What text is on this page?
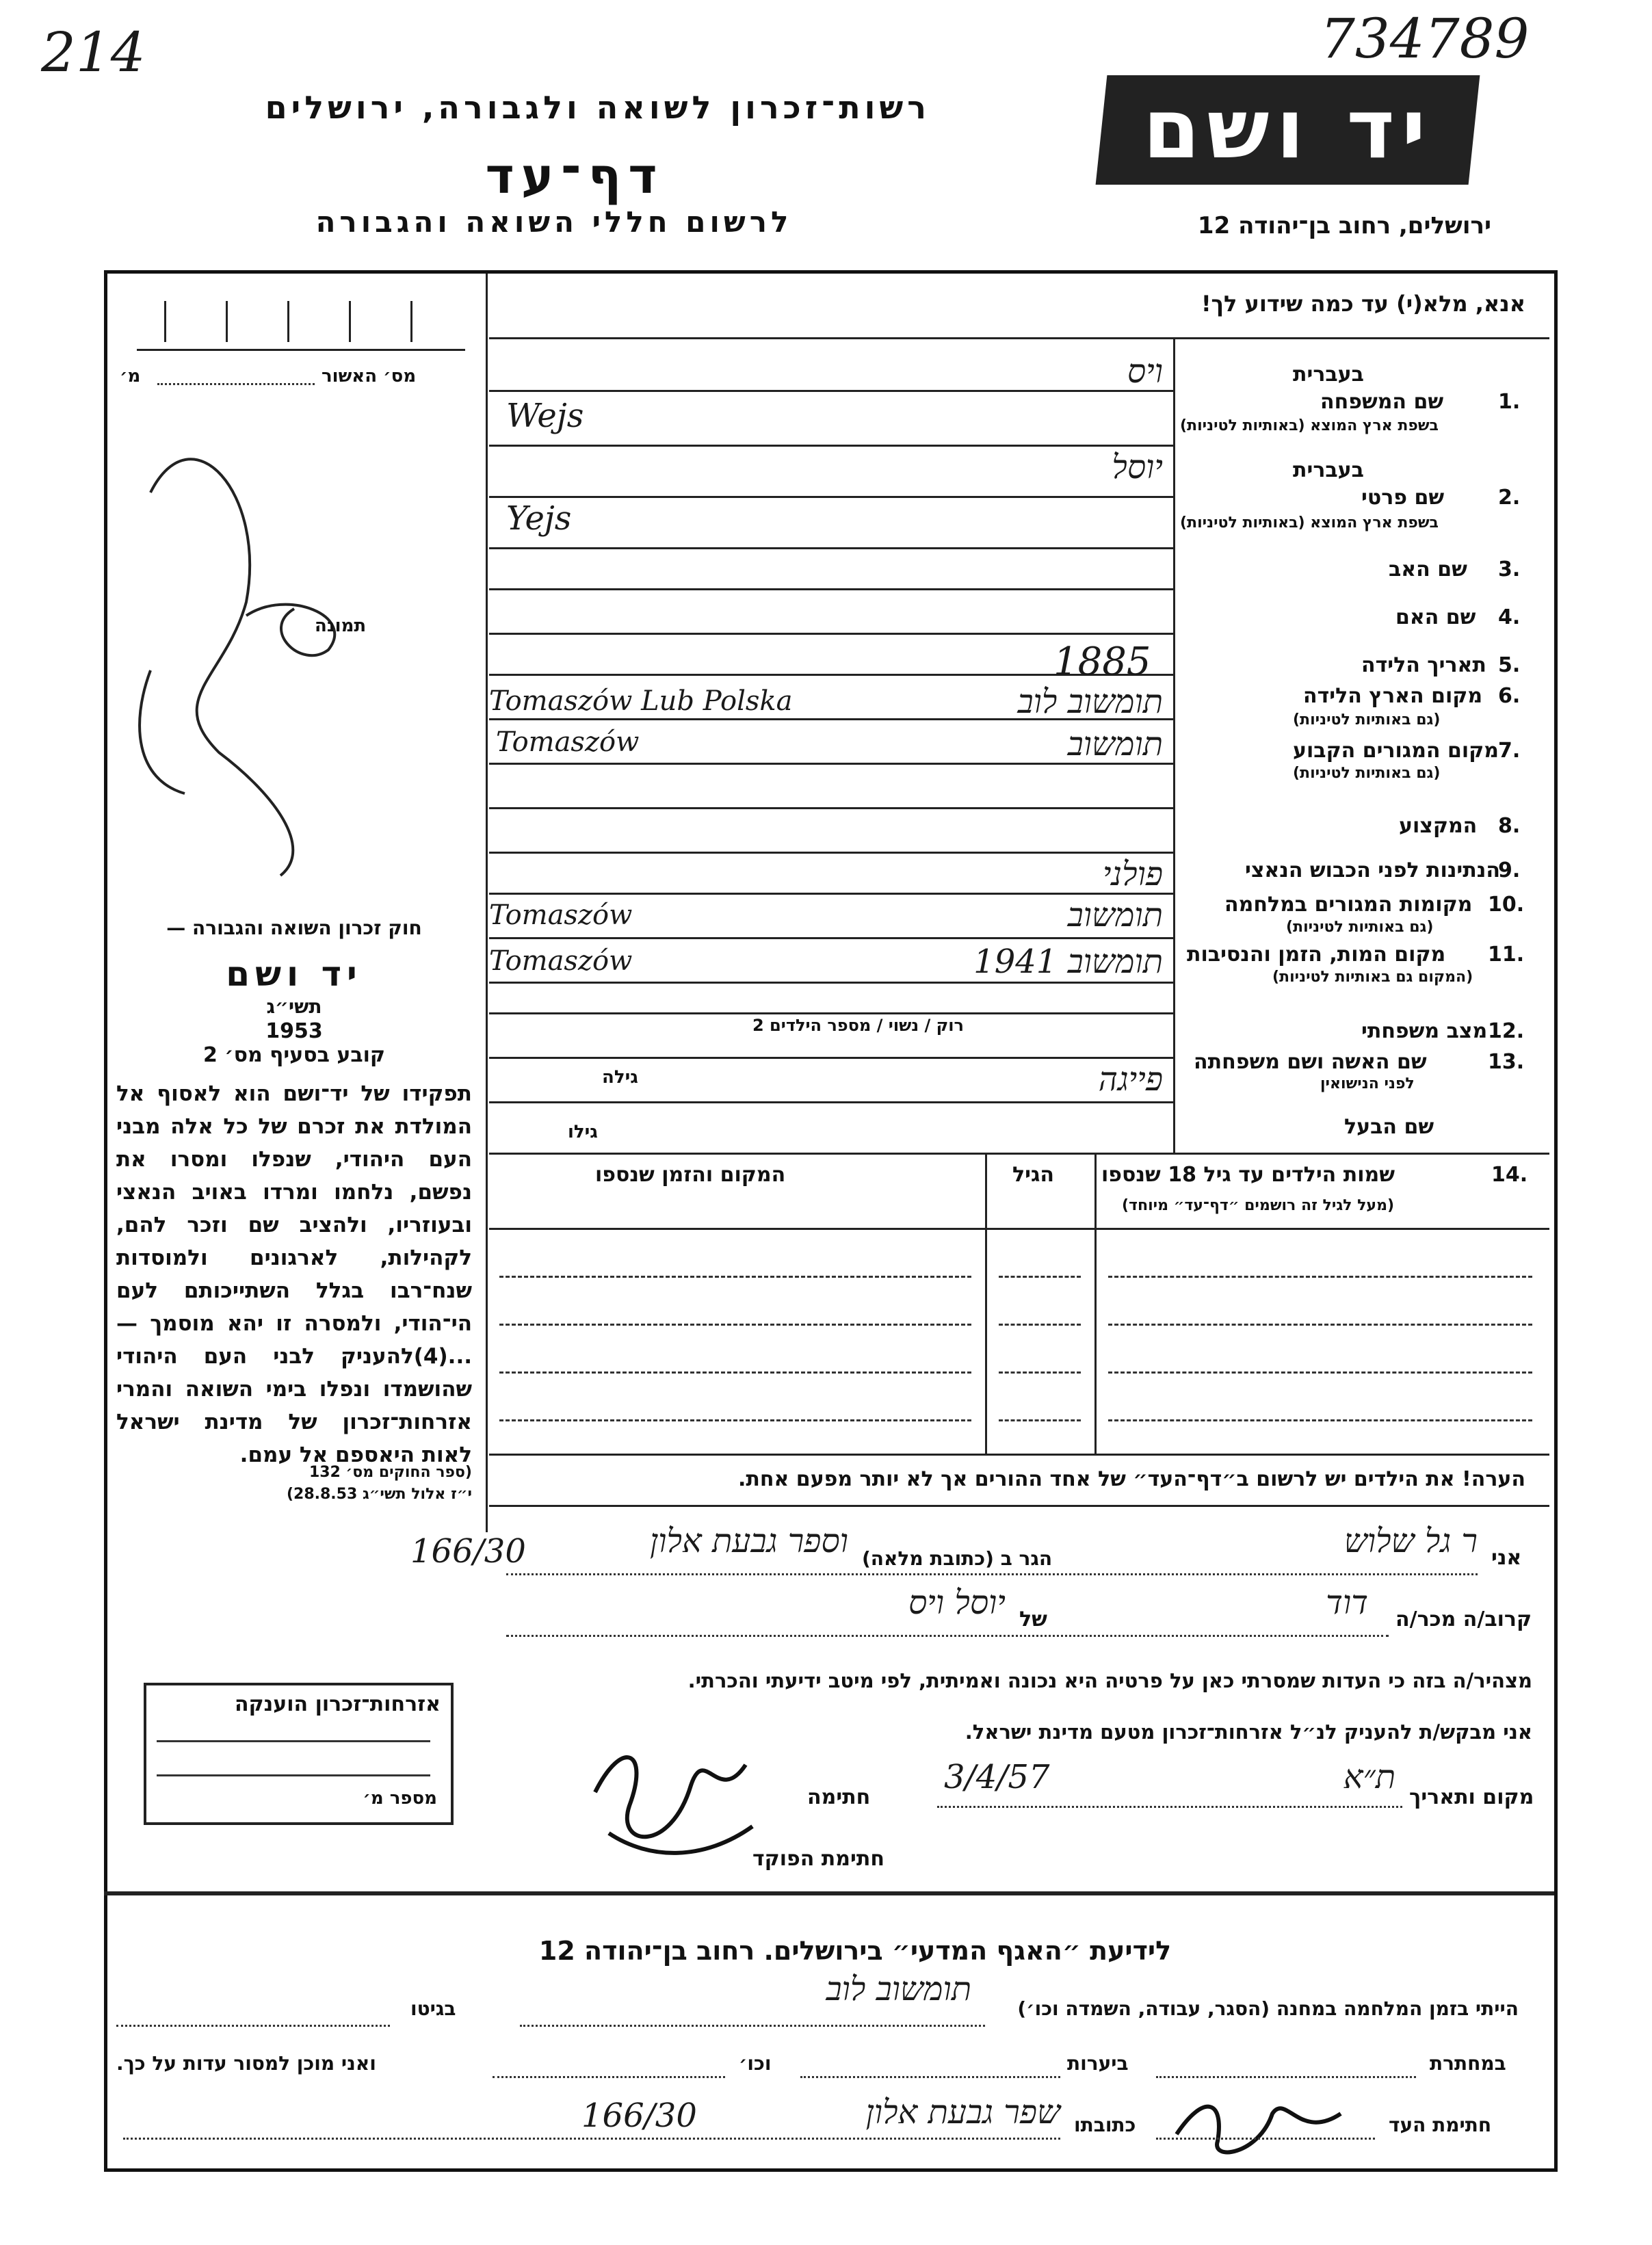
214	734789
רשות־זכרון לשואה ולגבורה, ירושלים
דף־עד
לרשום חללי השואה והגבורה
יד ושם
ירושלים, רחוב בן־יהודה 12
מס׳ האשור
מ׳
תמונה
חוק זכרון השואה והגבורה —
יד ושם
תשי״ג
1953
קובע בסעיף מס׳ 2
תפקידו של יד־ושם הוא לאסוף אל המולדת את זכרם של כל אלה מבני העם היהודי, שנפלו ומסרו את נפשם, נלחמו ומרדו באויב הנאצי ובעוזריו, ולהציב שם וזכר להם, לקהילות, לארגונים ולמוסדות שנח־רבו בגלל השתייכותם לעם הי־הודי, ולמסרה זו יהא מוסמך — ...(4)להעניק לבני העם היהודי שהושמדו ונפלו בימי השואה והמרי אזרחות־זכרון של מדינת ישראל לאות היאספם אל עמם.
(ספר החוקים מס׳ 132
י״ז אלול תשי״ג 28.8.53)
אזרחות־זכרון הוענקה
מספר מ׳
אנא, מלא(י) עד כמה שידוע לך!
בעברית
1.
שם המשפחה
בשפת ארץ המוצא (באותיות לטיניות)
בעברית
2.
שם פרטי
בשפת ארץ המוצא (באותיות לטיניות)
3.
שם האב
4.
שם האם
5.
תאריך הלידה
6.
מקום הארץ הלידה
(גם באותיות לטיניות)
7.
מקום המגורים הקבוע
(גם באותיות לטיניות)
8.
המקצוע
9.
הנתינות לפני הכבוש הנאצי
10.
מקומות המגורים במלחמה
(גם באותיות לטיניות)
11.
מקום המות, הזמן והנסיבות
(המקום גם באותיות לטיניות)
12.
מצב משפחתי
13.
שם האשה ושם משפחתה
לפני הנישואין
שם הבעל
ויס
Wejs
יוסל
Yejs
1885
תומשוב לוב
Tomaszów Lub Polska
תומשוב
Tomaszów
פולני
תומשוב
Tomaszów
תומשוב 1941
Tomaszów
רוק / נשוי / מספר הילדים 2
פייגה
גילה
גילו
14.
שמות הילדים עד גיל 18 שנספו
(מעל לגיל זה רושמים ״דף־עד״ מיוחד)
הגיל
המקום והזמן שנספו
הערה! את הילדים יש לרשום ב״דף־העד״ של אחד ההורים אך לא יותר מפעם אחת.
אני
ר גל שלוש
הגר ב (כתובת מלאה)
וספר גבעת אלון
166/30
קרוב/ה מכר/ה
דוד
של
יוסל ויס
מצהיר/ה בזה כי העדות שמסרתי כאן על פרטיה היא נכונה ואמיתית, לפי מיטב ידיעתי והכרתי.
אני מבקש/ת להעניק לנ״ל אזרחות־זכרון מטעם מדינת ישראל.
מקום ותאריך
ת״א
3/4/57
חתימה
חתימת הפוקד
לידיעת ״האגף המדעי״ בירושלים. רחוב בן־יהודה 12
הייתי בזמן המלחמה במחנה (הסגר, עבודה, השמדה וכו׳)
תומשוב לוב
בגיטו
במחתרת
ביערות
וכו׳
ואני מוכן למסור עדות על כך.
חתימת העד
כתובתו
שפר גבעת אלון
166/30
